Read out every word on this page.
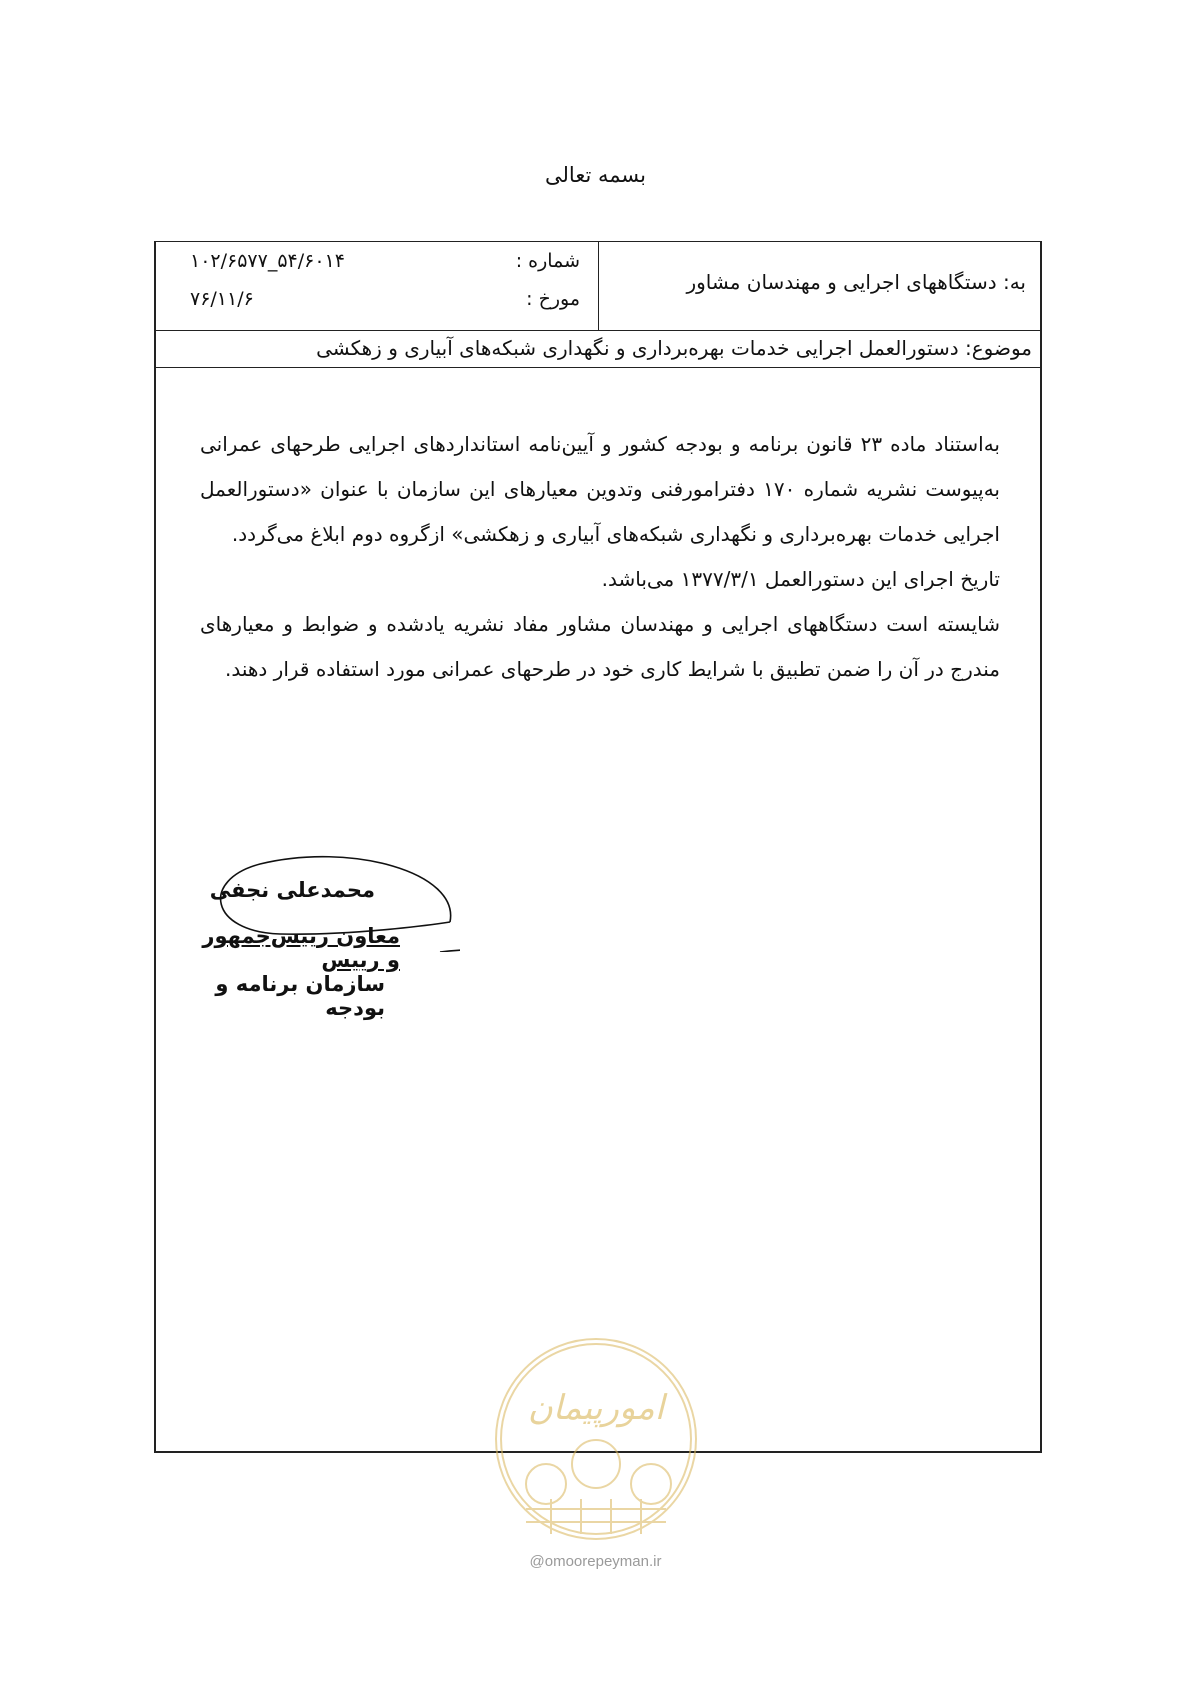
بسمه تعالی
به: دستگاههای اجرایی و مهندسان مشاور
شماره :
۱۰۲/۶۵۷۷_۵۴/۶۰۱۴
مورخ :
۷۶/۱۱/۶
موضوع: دستورالعمل اجرایی خدمات بهره‌برداری و نگهداری شبکه‌های آبیاری و زهکشی

به‌استناد ماده ۲۳ قانون برنامه و بودجه کشور و آیین‌نامه استانداردهای اجرایی طرحهای عمرانی به‌پیوست نشریه شماره ۱۷۰ دفترامورفنی وتدوین معیارهای این سازمان با عنوان «دستورالعمل اجرایی خدمات بهره‌برداری و نگهداری شبکه‌های آبیاری و زهکشی» ازگروه دوم ابلاغ می‌گردد.

تاریخ اجرای این دستورالعمل ۱۳۷۷/۳/۱ می‌باشد.

شایسته است دستگاههای اجرایی و مهندسان مشاور مفاد نشریه یادشده و ضوابط و معیارهای مندرج در آن را ضمن تطبیق با شرایط کاری خود در طرحهای عمرانی مورد استفاده قرار دهند.

محمدعلی نجفی
معاون رییس‌جمهور و رییس
سازمان برنامه و بودجه
امورپیمان
@omoorepeyman.ir
